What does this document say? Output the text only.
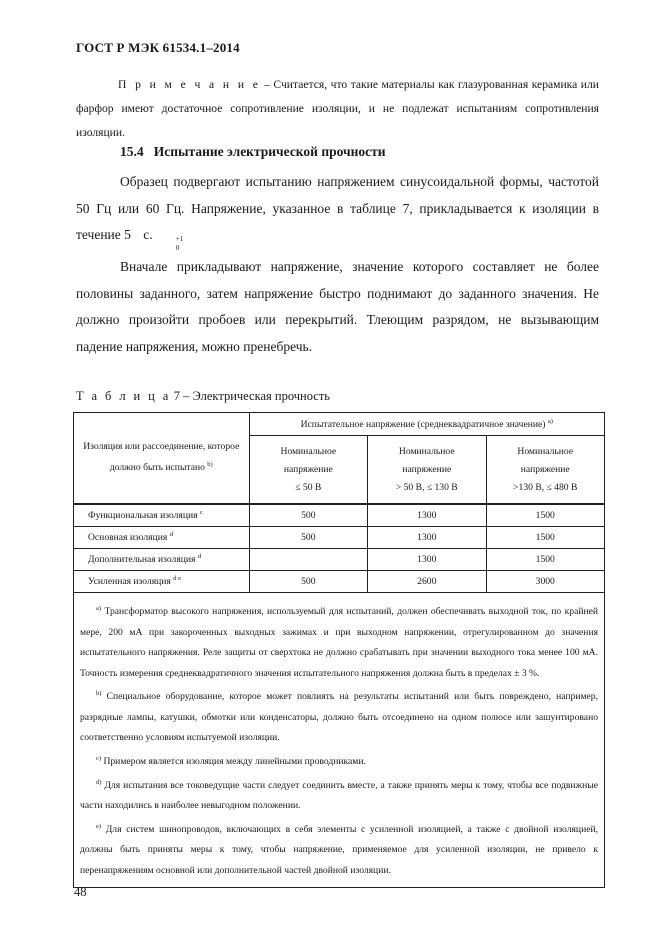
ГОСТ Р МЭК 61534.1–2014

П р и м е ч а н и е – Считается, что такие материалы как глазурованная керамика или фарфор имеют достаточное сопротивление изоляции, и не подлежат испытаниям сопротивления изоляции.

15.4 Испытание электрической прочности

Образец подвергают испытанию напряжением синусоидальной формы, частотой 50 Гц или 60 Гц. Напряжение, указанное в таблице 7, прикладывается к изоляции в течение 5	+1
0
с.

Вначале прикладывают напряжение, значение которого составляет не более половины заданного, затем напряжение быстро поднимают до заданного значения. Не должно произойти пробоев или перекрытий. Тлеющим разрядом, не вызывающим падение напряжения, можно пренебречь.

Т а б л и ц а 7 – Электрическая прочность
Изоляция или рассоединение, которое должно быть испытано $^{b)}$	Испытательное напряжение (среднеквадратичное значение) $^{a)}$
	Номинальное
напряжение
≤ 50 В	Номинальное
напряжение
> 50 В, ≤ 130 В	Номинальное
напряжение
>130 В, ≤ 480 В
Функциональная изоляция $^c$	500	1300	1500
Основная изоляция $^d$	500	1300	1500
Дополнительная изоляция $^d$		1300	1500
Усиленная изоляция $^{d e}$	500	2600	3000

$^{a)}$ Трансформатор высокого напряжения, используемый для испытаний, должен обеспечивать выходной ток, по крайней мере, 200 мА при закороченных выходных зажимах и при выходном напряжении, отрегулированном до значения испытательного напряжения. Реле защиты от сверхтока не должно срабатывать при значении выходного тока менее 100 мА. Точность измерения среднеквадратичного значения испытательного напряжения должна быть в пределах ± 3 %.

$^{b)}$ Специальное оборудование, которое может повлиять на результаты испытаний или быть повреждено, например, разрядные лампы, катушки, обмотки или конденсаторы, должно быть отсоединено на одном полюсе или зашунтировано соответственно условиям испытуемой изоляции.

$^{c)}$ Примером является изоляция между линейными проводниками.

$^{d)}$ Для испытания все токоведущие части следует соединить вместе, а также принять меры к тому, чтобы все подвижные части находились в наиболее невыгодном положении.

$^{e)}$ Для систем шинопроводов, включающих в себя элементы с усиленной изоляцией, а также с двойной изоляцией, должны быть приняты меры к тому, чтобы напряжение, применяемое для усиленной изоляции, не привело к перенапряжениям основной или дополнительной частей двойной изоляции.			

48
